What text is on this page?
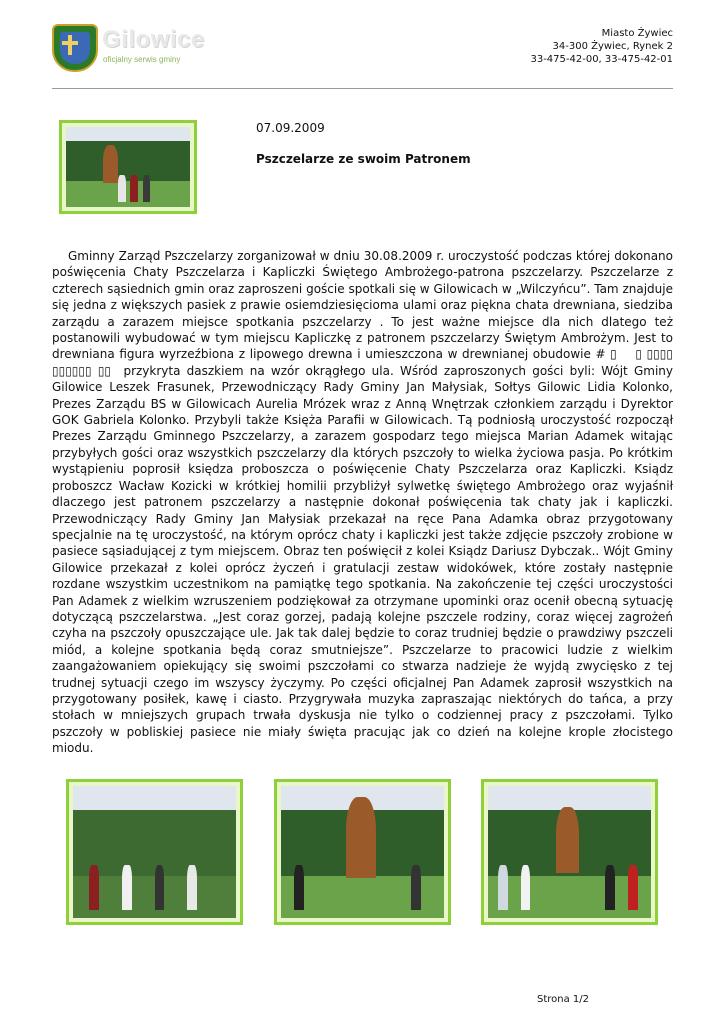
Gilowice
oficjalny serwis gminy
Miasto Żywiec
34-300 Żywiec, Rynek 2
33-475-42-00, 33-475-42-01
07.09.2009
Pszczelarze ze swoim Patronem
Gminny Zarząd Pszczelarzy zorganizował w dniu 30.08.2009 r. uroczystość podczas której dokonano poświęcenia Chaty Pszczelarza i Kapliczki Świętego Ambrożego-patrona pszczelarzy. Pszczelarze z czterech sąsiednich gmin oraz zaproszeni goście spotkali się w Gilowicach w „Wilczyńcu”. Tam znajduje się jedna z większych pasiek z prawie osiemdziesięcioma ulami oraz piękna chata drewniana, siedziba zarządu a zarazem miejsce spotkania pszczelarzy . To jest ważne miejsce dla nich dlatego też postanowili wybudować w tym miejscu Kapliczkę z patronem pszczelarzy Świętym Ambrożym. Jest to drewniana figura wyrzeźbiona z lipowego drewna i umieszczona w drewnianej obudowie # ▯    ▯ ▯▯▯▯ ▯▯▯▯▯▯ ▯▯  przykryta daszkiem na wzór okrągłego ula. Wśród zaproszonych gości byli: Wójt Gminy Gilowice Leszek Frasunek, Przewodniczący Rady Gminy Jan Małysiak, Sołtys Gilowic Lidia Kolonko, Prezes Zarządu BS w Gilowicach Aurelia Mrózek wraz z Anną Wnętrzak członkiem zarządu i Dyrektor GOK Gabriela Kolonko. Przybyli także Księża Parafii w Gilowicach. Tą podniosłą uroczystość rozpoczął Prezes Zarządu Gminnego Pszczelarzy, a zarazem gospodarz tego miejsca Marian Adamek witając przybyłych gości oraz wszystkich pszczelarzy dla których pszczoły to wielka życiowa pasja. Po krótkim wystąpieniu poprosił księdza proboszcza o poświęcenie Chaty Pszczelarza oraz Kapliczki. Ksiądz proboszcz Wacław Kozicki w krótkiej homilii przybliżył sylwetkę świętego Ambrożego oraz wyjaśnił dlaczego jest patronem pszczelarzy a następnie dokonał poświęcenia tak chaty jak i kapliczki. Przewodniczący Rady Gminy Jan Małysiak przekazał na ręce Pana Adamka obraz przygotowany specjalnie na tę uroczystość, na którym oprócz chaty i kapliczki jest także zdjęcie pszczoły zrobione w pasiece sąsiadującej z tym miejscem. Obraz ten poświęcił z kolei Ksiądz Dariusz Dybczak.. Wójt Gminy Gilowice przekazał z kolei oprócz życzeń i gratulacji zestaw widokówek, które zostały następnie rozdane wszystkim uczestnikom na pamiątkę tego spotkania. Na zakończenie tej części uroczystości Pan Adamek z wielkim wzruszeniem podziękował za otrzymane upominki oraz ocenił obecną sytuację dotyczącą pszczelarstwa. „Jest coraz gorzej, padają kolejne pszczele rodziny, coraz więcej zagrożeń czyha na pszczoły opuszczające ule. Jak tak dalej będzie to coraz trudniej będzie o prawdziwy pszczeli miód, a kolejne spotkania będą coraz smutniejsze”. Pszczelarze to pracowici ludzie z wielkim zaangażowaniem opiekujący się swoimi pszczołami co stwarza nadzieje że wyjdą zwycięsko z tej trudnej sytuacji czego im wszyscy życzymy. Po części oficjalnej Pan Adamek zaprosił wszystkich na przygotowany posiłek, kawę i ciasto. Przygrywała muzyka zapraszając niektórych do tańca, a przy stołach w mniejszych grupach trwała dyskusja nie tylko o codziennej pracy z pszczołami. Tylko pszczoły w pobliskiej pasiece nie miały święta pracując jak co dzień na kolejne krople złocistego miodu.
Strona 1/2
